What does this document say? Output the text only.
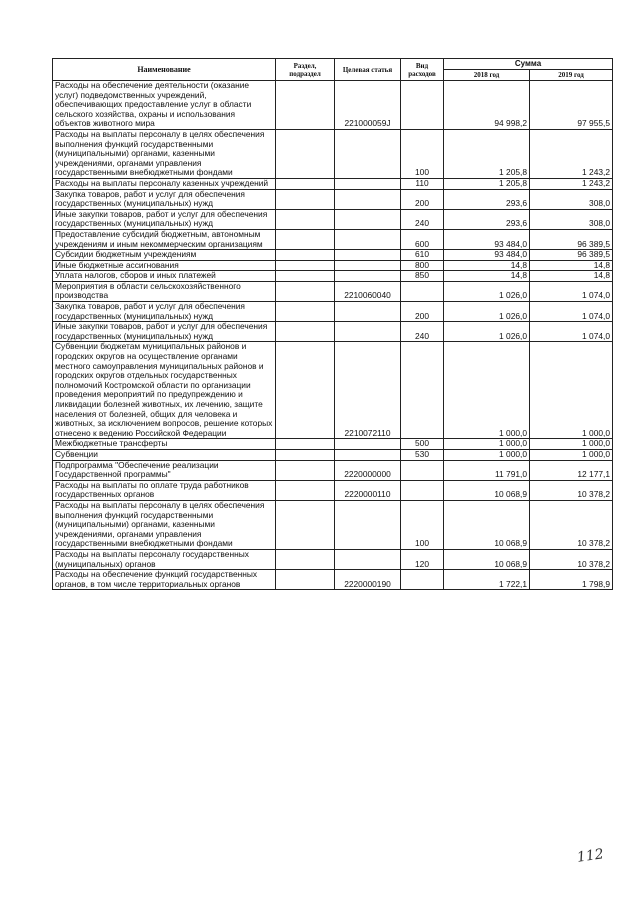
Наименование	Раздел, подраздел	Целевая статья	Вид расходов	Сумма	
				2018 год	2019 год
Расходы на обеспечение деятельности (оказание услуг) подведомственных учреждений, обеспечивающих предоставление услуг в области сельского хозяйства, охраны и использования объектов животного мира		221000059J		94 998,2	97 955,5
Расходы на выплаты персоналу в целях обеспечения выполнения функций государственными (муниципальными) органами, казенными учреждениями, органами управления государственными внебюджетными фондами			100	1 205,8	1 243,2
Расходы на выплаты персоналу казенных учреждений			110	1 205,8	1 243,2
Закупка товаров, работ и услуг для обеспечения государственных (муниципальных) нужд			200	293,6	308,0
Иные закупки товаров, работ и услуг для обеспечения государственных (муниципальных) нужд			240	293,6	308,0
Предоставление субсидий бюджетным, автономным учреждениям и иным некоммерческим организациям			600	93 484,0	96 389,5
Субсидии бюджетным учреждениям			610	93 484,0	96 389,5
Иные бюджетные ассигнования			800	14,8	14,8
Уплата налогов, сборов и иных платежей			850	14,8	14,8
Мероприятия в области сельскохозяйственного производства		2210060040		1 026,0	1 074,0
Закупка товаров, работ и услуг для обеспечения государственных (муниципальных) нужд			200	1 026,0	1 074,0
Иные закупки товаров, работ и услуг для обеспечения государственных (муниципальных) нужд			240	1 026,0	1 074,0
Субвенции бюджетам муниципальных районов и городских округов на осуществление органами местного самоуправления муниципальных районов и городских округов отдельных государственных полномочий Костромской области по организации проведения мероприятий по предупреждению и ликвидации болезней животных, их лечению, защите населения от болезней, общих для человека и животных, за исключением вопросов, решение которых отнесено к ведению Российской Федерации		2210072110		1 000,0	1 000,0
Межбюджетные трансферты			500	1 000,0	1 000,0
Субвенции			530	1 000,0	1 000,0
Подпрограмма "Обеспечение реализации Государственной программы"		2220000000		11 791,0	12 177,1
Расходы на выплаты по оплате труда работников государственных органов		2220000110		10 068,9	10 378,2
Расходы на выплаты персоналу в целях обеспечения выполнения функций государственными (муниципальными) органами, казенными учреждениями, органами управления государственными внебюджетными фондами			100	10 068,9	10 378,2
Расходы на выплаты персоналу государственных (муниципальных) органов			120	10 068,9	10 378,2
Расходы на обеспечение функций государственных органов, в том числе территориальных органов		2220000190		1 722,1	1 798,9
112
